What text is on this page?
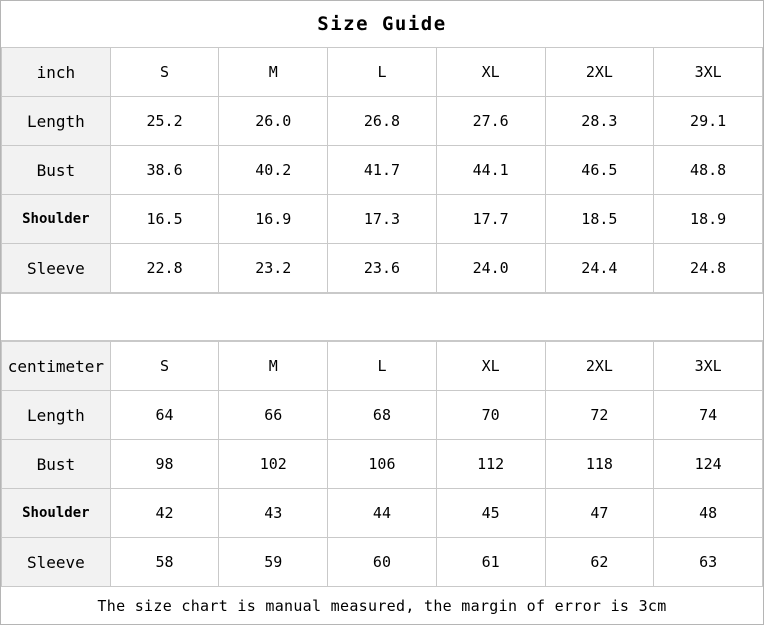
Size Guide
inch	S	M	L	XL	2XL	3XL
Length	25.2	26.0	26.8	27.6	28.3	29.1
Bust	38.6	40.2	41.7	44.1	46.5	48.8
Shoulder	16.5	16.9	17.3	17.7	18.5	18.9
Sleeve	22.8	23.2	23.6	24.0	24.4	24.8
centimeter	S	M	L	XL	2XL	3XL
Length	64	66	68	70	72	74
Bust	98	102	106	112	118	124
Shoulder	42	43	44	45	47	48
Sleeve	58	59	60	61	62	63
The size chart is manual measured, the margin of error is 3cm
